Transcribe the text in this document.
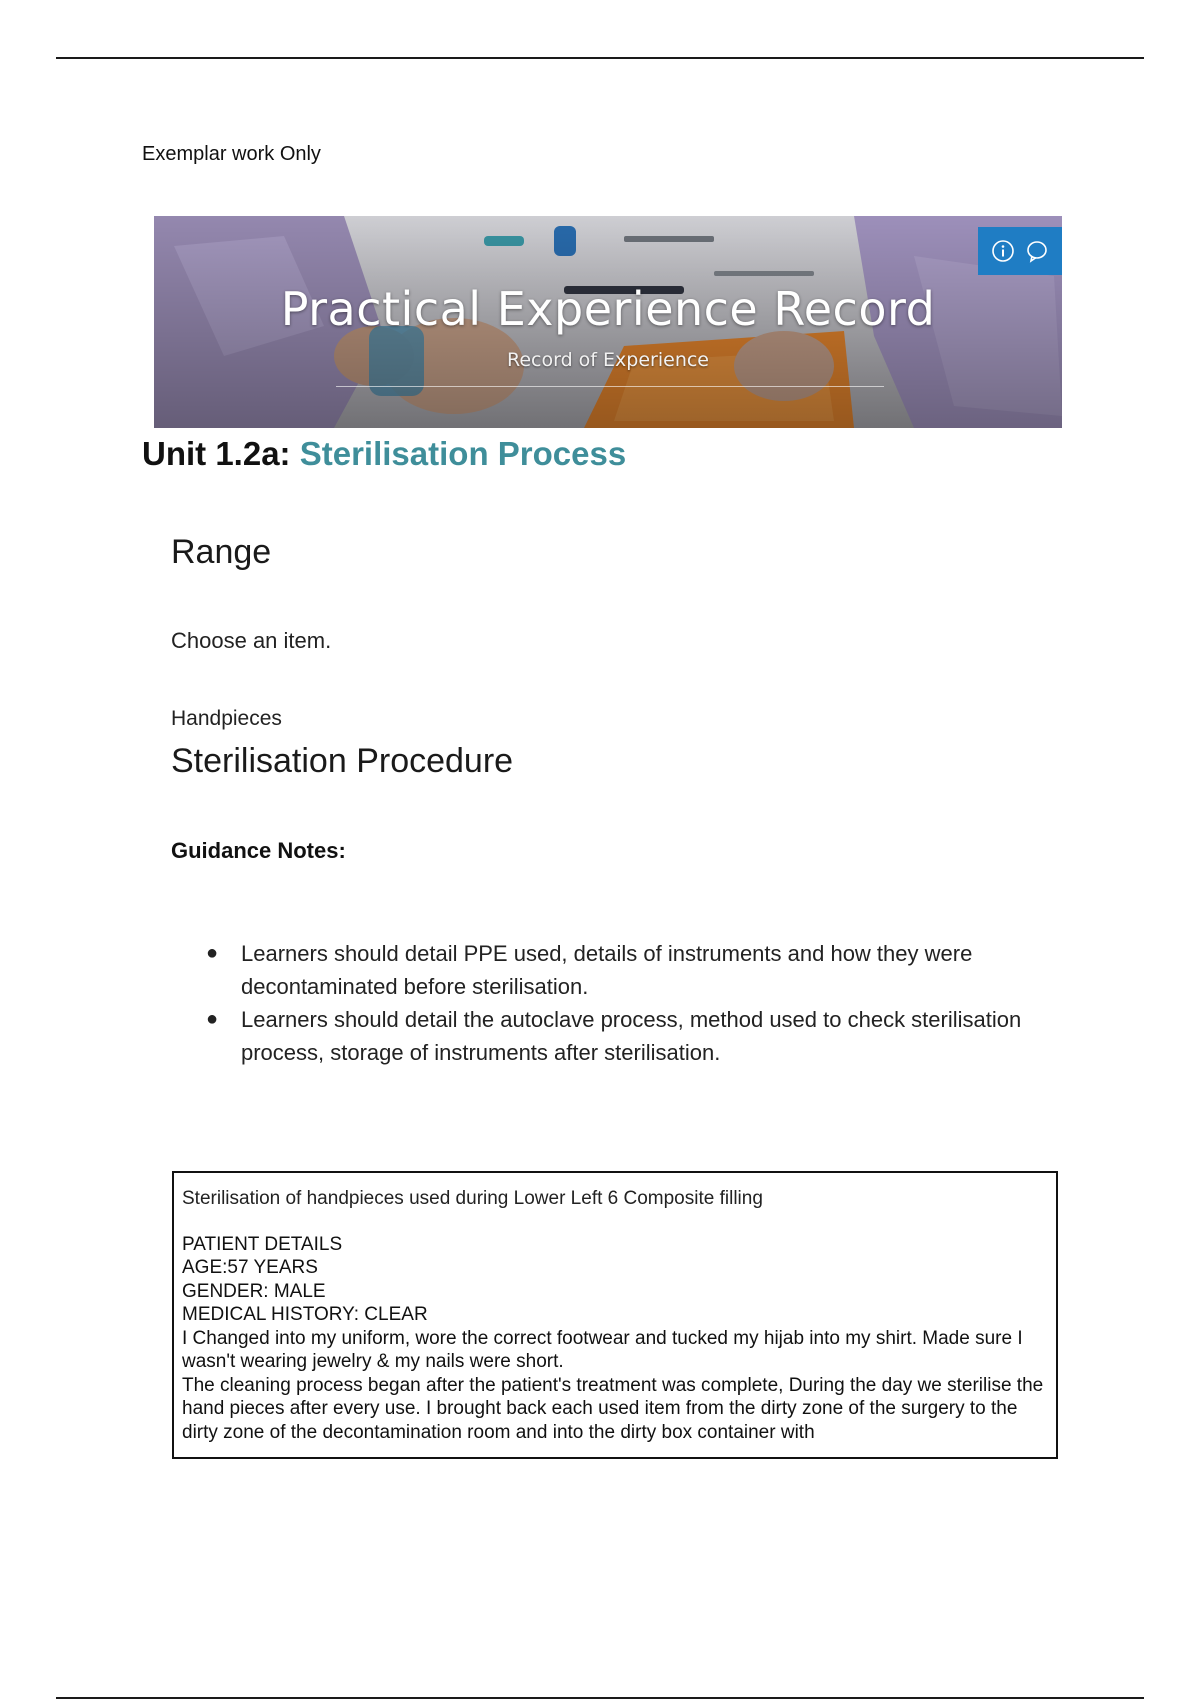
Exemplar work Only
Practical Experience Record
Record of Experience
Unit 1.2a: Sterilisation Process
Range
Choose an item.
Handpieces
Sterilisation Procedure
Guidance Notes:
● Learners should detail PPE used, details of instruments and how they were decontaminated before sterilisation.
● Learners should detail the autoclave process, method used to check sterilisation process, storage of instruments after sterilisation.

Sterilisation of handpieces used during Lower Left 6 Composite filling

PATIENT DETAILS

AGE:57 YEARS

GENDER: MALE

MEDICAL HISTORY: CLEAR

I Changed into my uniform, wore the correct footwear and tucked my hijab into my shirt. Made sure I wasn't wearing jewelry & my nails were short.

The cleaning process began after the patient's treatment was complete, During the day we sterilise the hand pieces after every use. I brought back each used item from the dirty zone of the surgery to the dirty zone of the decontamination room and into the dirty box container with
